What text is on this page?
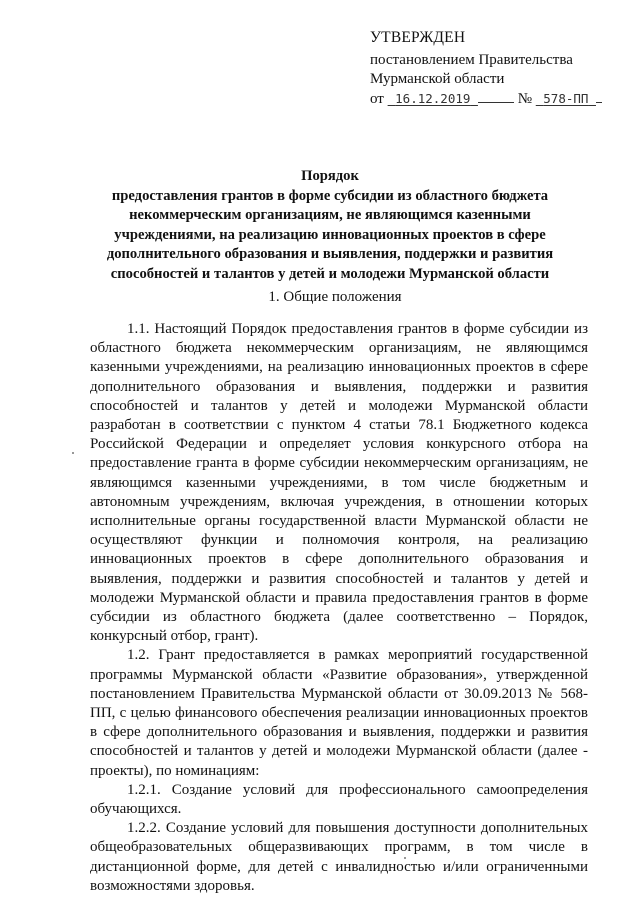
УТВЕРЖДЕН
постановлением Правительства
Мурманской области
от 16.12.2019	№ 578-ПП
Порядок
предоставления грантов в форме субсидии из областного бюджета
некоммерческим организациям, не являющимся казенными
учреждениями, на реализацию инновационных проектов в сфере
дополнительного образования и выявления, поддержки и развития
способностей и талантов у детей и молодежи Мурманской области
1. Общие положения

1.1. Настоящий Порядок предоставления грантов в форме субсидии из областного бюджета некоммерческим организациям, не являющимся казенными учреждениями, на реализацию инновационных проектов в сфере дополнительного образования и выявления, поддержки и развития способностей и талантов у детей и молодежи Мурманской области разработан в соответствии с пунктом 4 статьи 78.1 Бюджетного кодекса Российской Федерации и определяет условия конкурсного отбора на предоставление гранта в форме субсидии некоммерческим организациям, не являющимся казенными учреждениями, в том числе бюджетным и автономным учреждениям, включая учреждения, в отношении которых исполнительные органы государственной власти Мурманской области не осуществляют функции и полномочия контроля, на реализацию инновационных проектов в сфере дополнительного образования и выявления, поддержки и развития способностей и талантов у детей и молодежи Мурманской области и правила предоставления грантов в форме субсидии из областного бюджета (далее соответственно – Порядок, конкурсный отбор, грант).

1.2. Грант предоставляется в рамках мероприятий государственной программы Мурманской области «Развитие образования», утвержденной постановлением Правительства Мурманской области от 30.09.2013 № 568-ПП, с целью финансового обеспечения реализации инновационных проектов в сфере дополнительного образования и выявления, поддержки и развития способностей и талантов у детей и молодежи Мурманской области (далее - проекты), по номинациям:

1.2.1. Создание условий для профессионального самоопределения обучающихся.

1.2.2. Создание условий для повышения доступности дополнительных общеобразовательных общеразвивающих программ, в том числе в дистанционной форме, для детей с инвалидностью и/или ограниченными возможностями здоровья.
